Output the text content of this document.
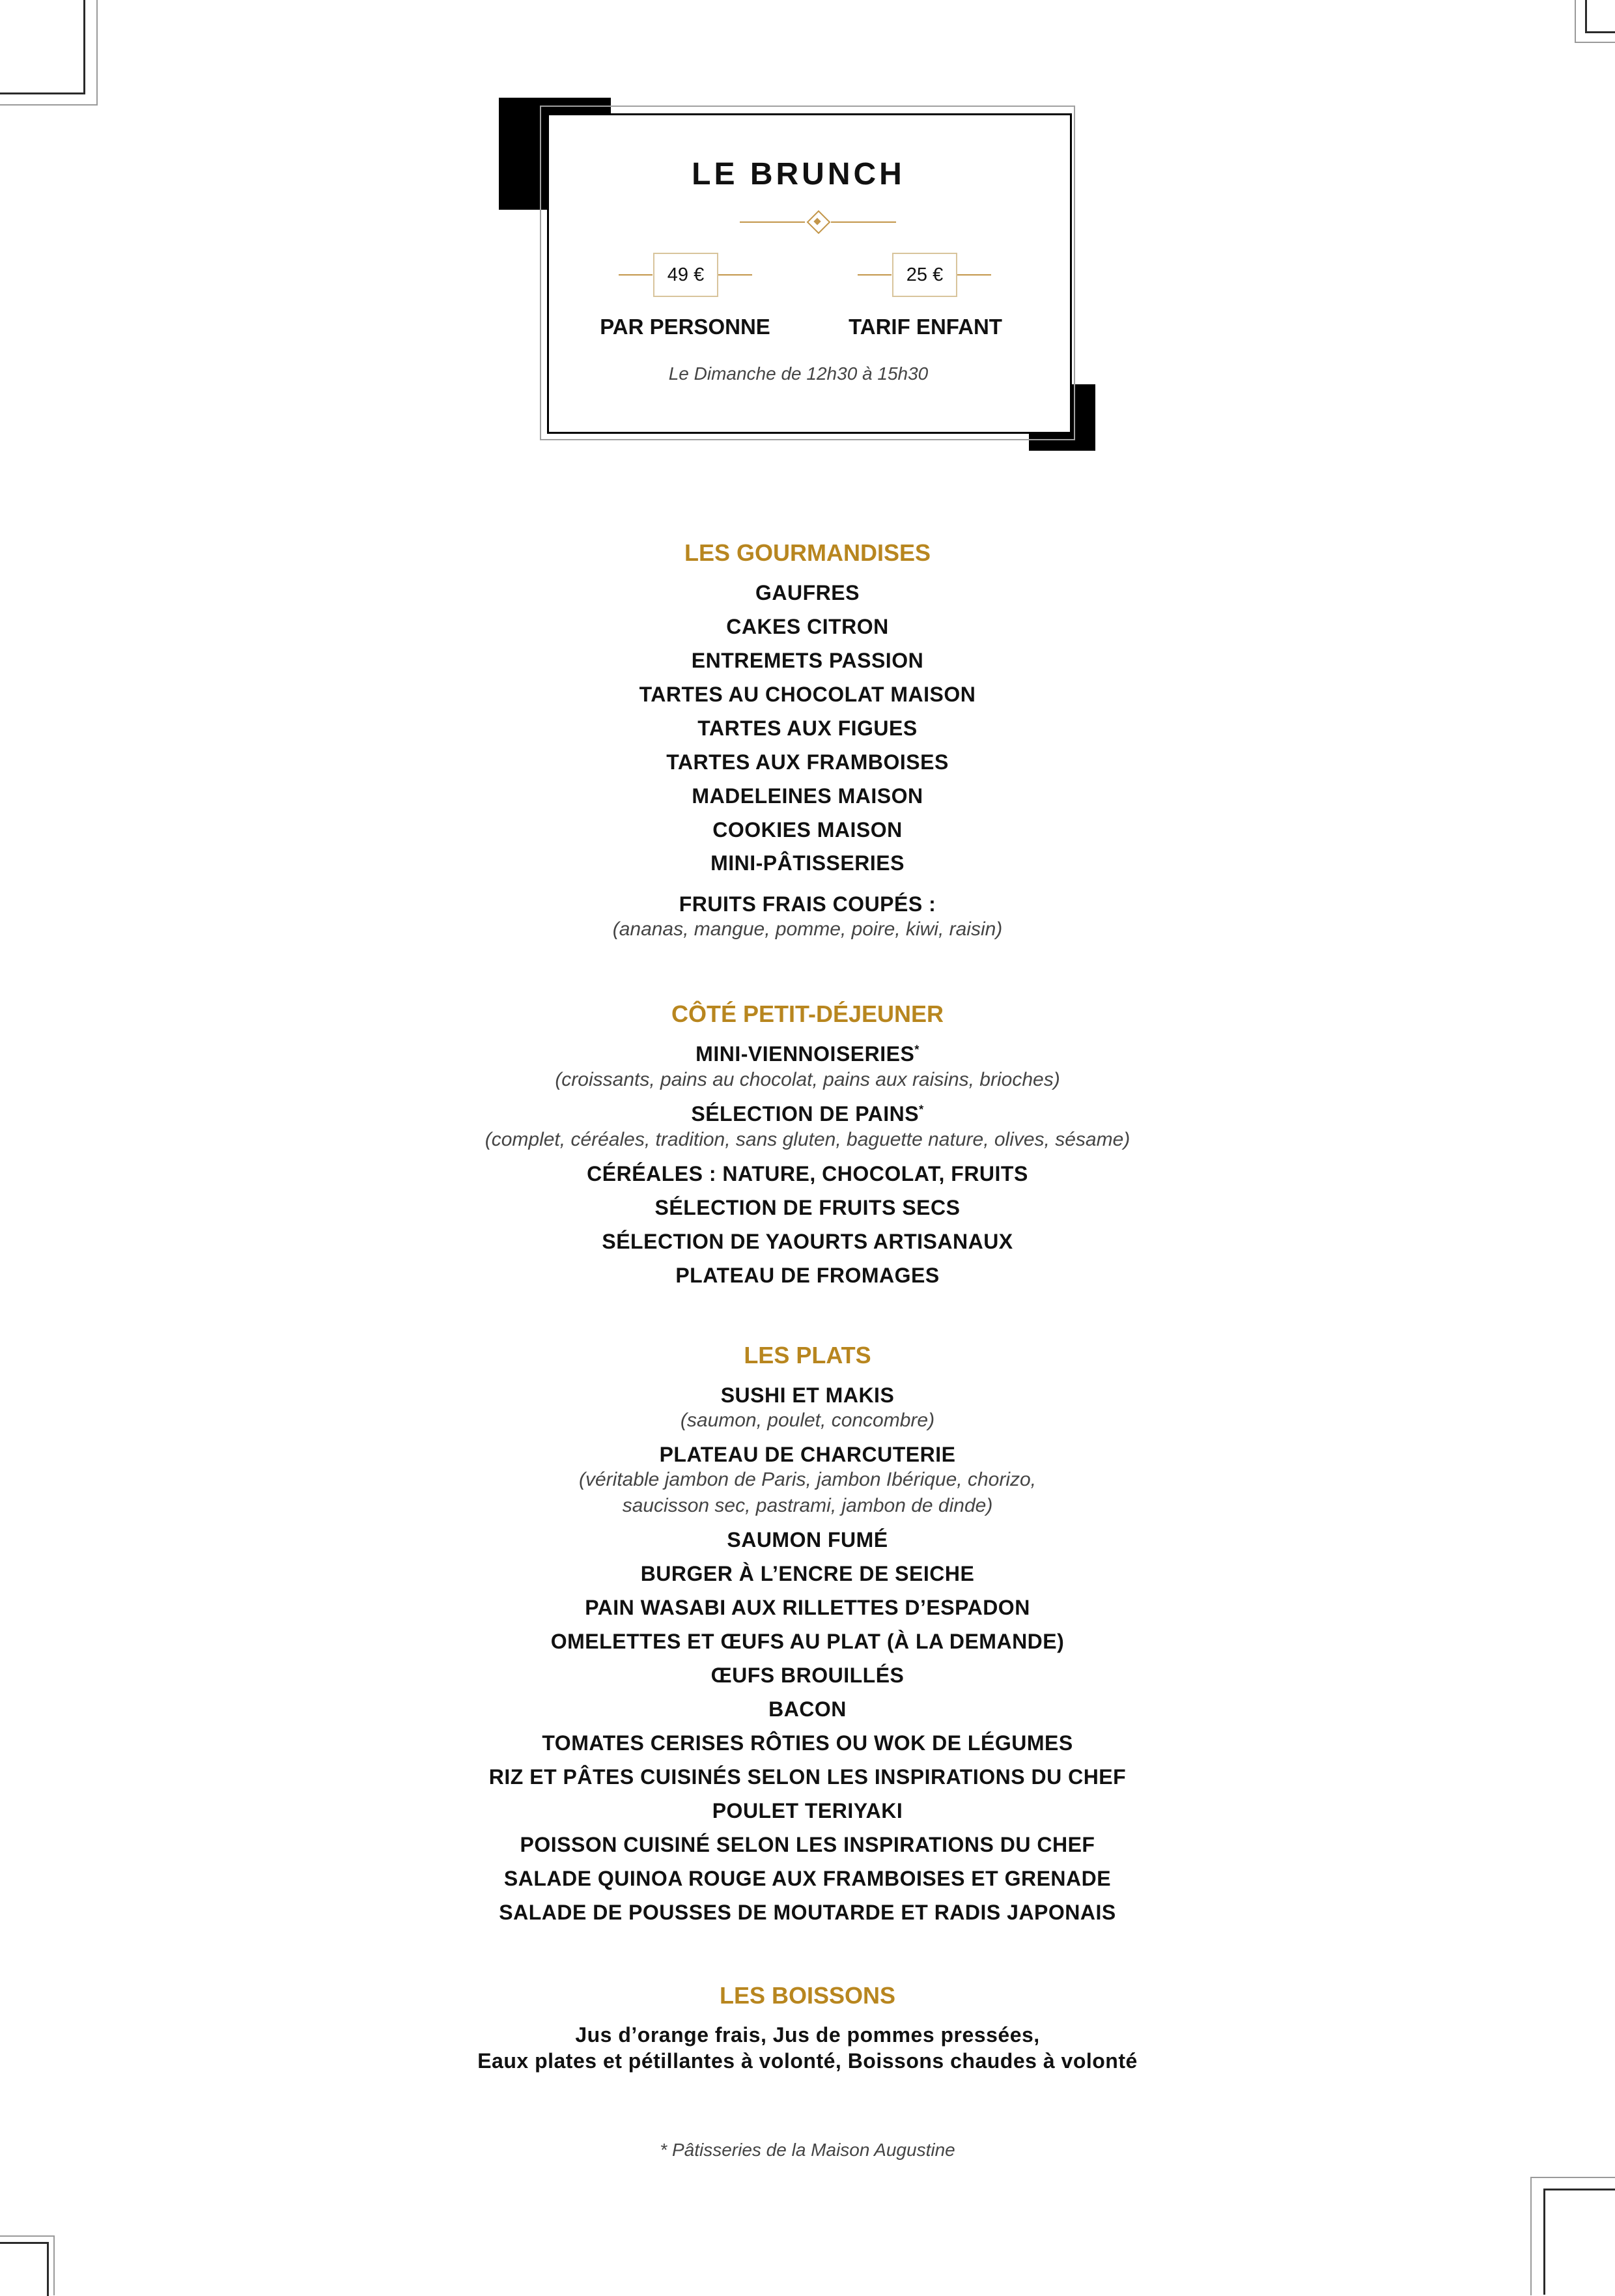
LE BRUNCH
49 €
PAR PERSONNE
25 €
TARIF ENFANT
Le Dimanche de 12h30 à 15h30
LES GOURMANDISES
GAUFRES
CAKES CITRON
ENTREMETS PASSION
TARTES AU CHOCOLAT MAISON
TARTES AUX FIGUES
TARTES AUX FRAMBOISES
MADELEINES MAISON
COOKIES MAISON
MINI-PÂTISSERIES
FRUITS FRAIS COUPÉS :
(ananas, mangue, pomme, poire, kiwi, raisin)
CÔTÉ PETIT-DÉJEUNER
MINI-VIENNOISERIES*
(croissants, pains au chocolat, pains aux raisins, brioches)
SÉLECTION DE PAINS*
(complet, céréales, tradition, sans gluten, baguette nature, olives, sésame)
CÉRÉALES : NATURE, CHOCOLAT, FRUITS
SÉLECTION DE FRUITS SECS
SÉLECTION DE YAOURTS ARTISANAUX
PLATEAU DE FROMAGES
LES PLATS
SUSHI ET MAKIS
(saumon, poulet, concombre)
PLATEAU DE CHARCUTERIE
(véritable jambon de Paris, jambon Ibérique, chorizo,
saucisson sec, pastrami, jambon de dinde)
SAUMON FUMÉ
BURGER À L’ENCRE DE SEICHE
PAIN WASABI AUX RILLETTES D’ESPADON
OMELETTES ET ŒUFS AU PLAT (À LA DEMANDE)
ŒUFS BROUILLÉS
BACON
TOMATES CERISES RÔTIES OU WOK DE LÉGUMES
RIZ ET PÂTES CUISINÉS SELON LES INSPIRATIONS DU CHEF
POULET TERIYAKI
POISSON CUISINÉ SELON LES INSPIRATIONS DU CHEF
SALADE QUINOA ROUGE AUX FRAMBOISES ET GRENADE
SALADE DE POUSSES DE MOUTARDE ET RADIS JAPONAIS
LES BOISSONS
Jus d’orange frais, Jus de pommes pressées,
Eaux plates et pétillantes à volonté, Boissons chaudes à volonté
* Pâtisseries de la Maison Augustine
